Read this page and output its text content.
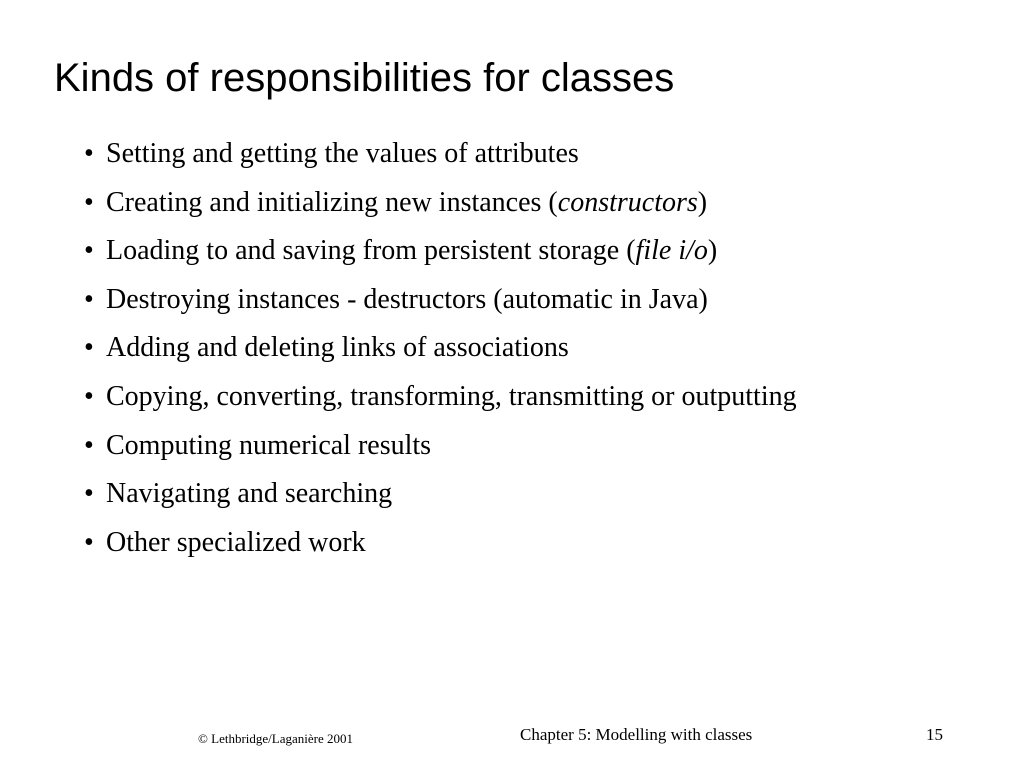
Kinds of responsibilities for classes
• Setting and getting the values of attributes
• Creating and initializing new instances (constructors)
• Loading to and saving from persistent storage (file i/o)
• Destroying instances - destructors (automatic in Java)
• Adding and deleting links of associations
• Copying, converting, transforming, transmitting or outputting
• Computing numerical results
• Navigating and searching
• Other specialized work
© Lethbridge/Laganière 2001	Chapter 5: Modelling with classes	15
